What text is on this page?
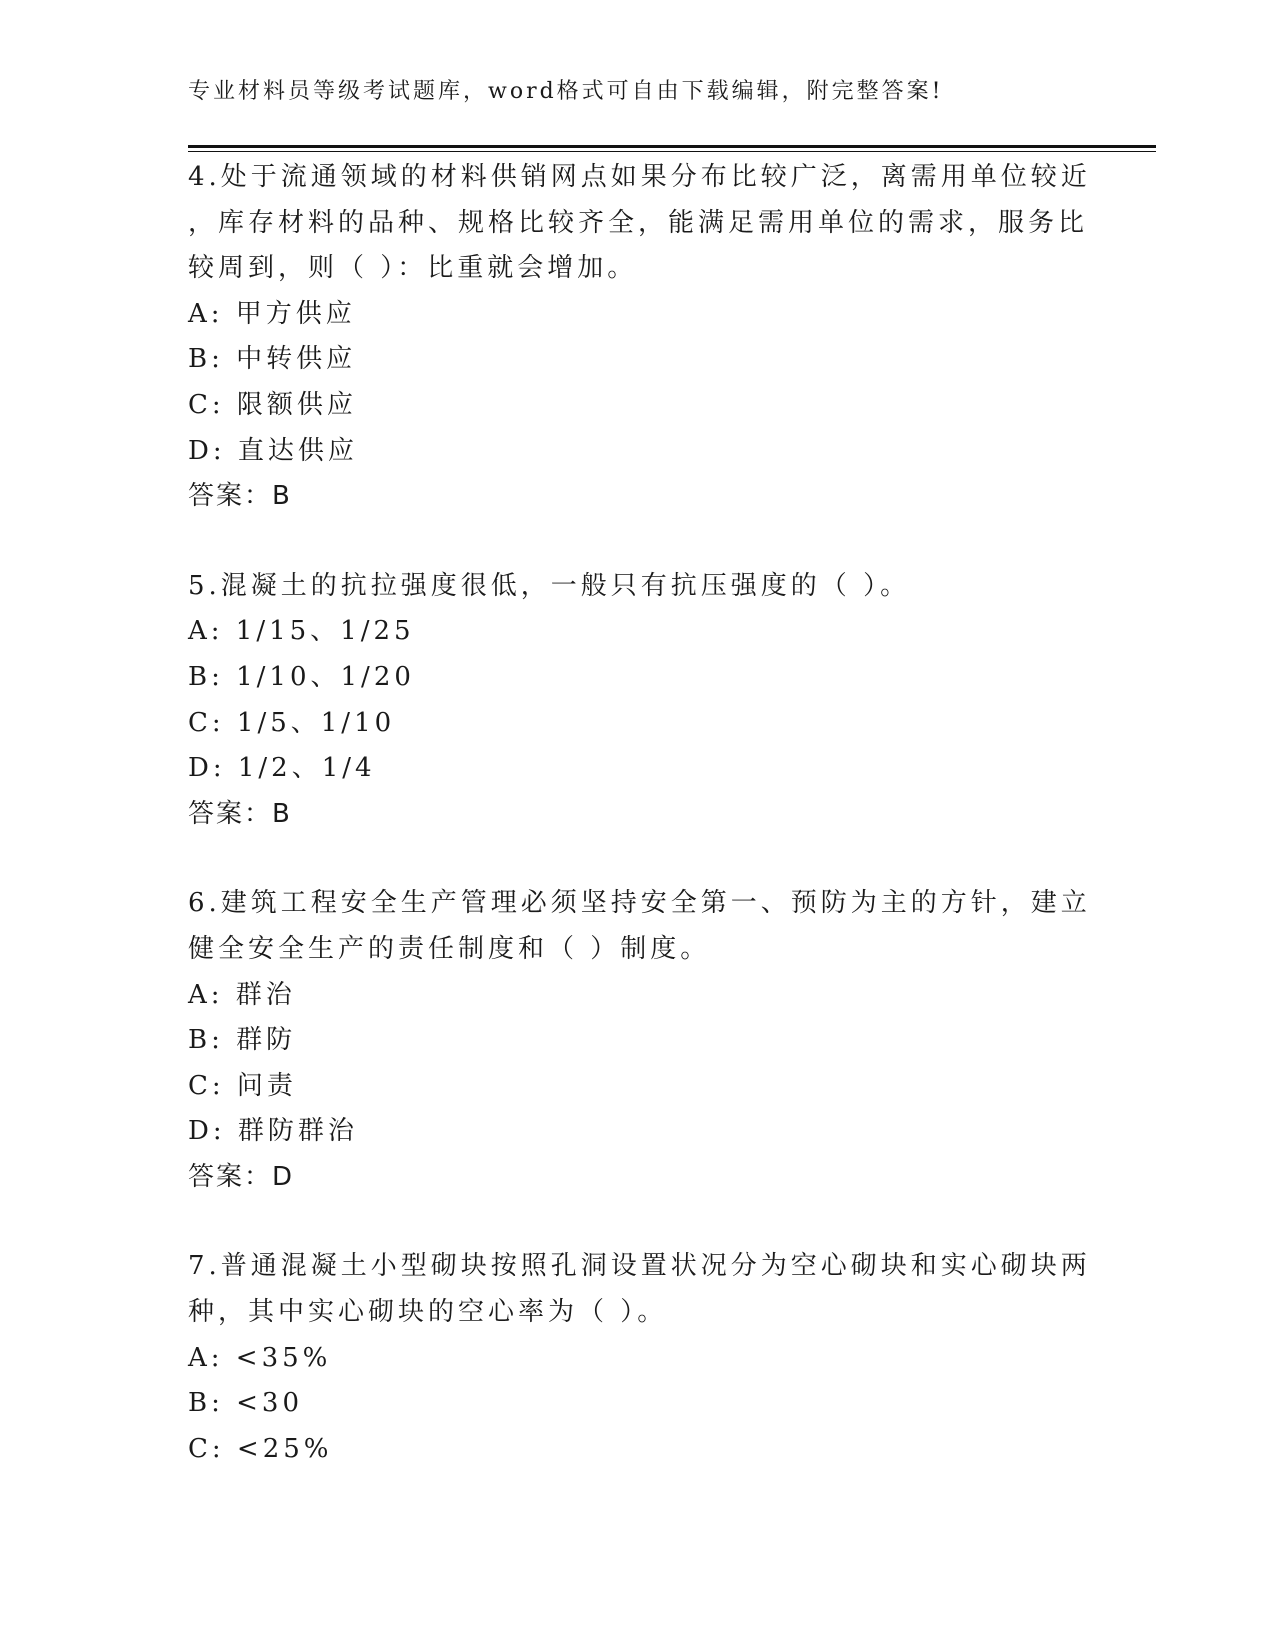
专业材料员等级考试题库，word格式可自由下载编辑，附完整答案!
4.处于流通领域的材料供销网点如果分布比较广泛，离需用单位较近
，库存材料的品种、规格比较齐全，能满足需用单位的需求，服务比
较周到，则（ ）：比重就会增加。
A: 甲方供应
B: 中转供应
C: 限额供应
D: 直达供应
答案：B
5.混凝土的抗拉强度很低，一般只有抗压强度的（ ）。
A: 1/15、1/25
B: 1/10、1/20
C: 1/5、1/10
D: 1/2、1/4
答案：B
6.建筑工程安全生产管理必须坚持安全第一、预防为主的方针，建立
健全安全生产的责任制度和（ ）制度。
A: 群治
B: 群防
C: 问责
D: 群防群治
答案：D
7.普通混凝土小型砌块按照孔洞设置状况分为空心砌块和实心砌块两
种，其中实心砌块的空心率为（ ）。
A: <35%
B: <30
C: <25%
